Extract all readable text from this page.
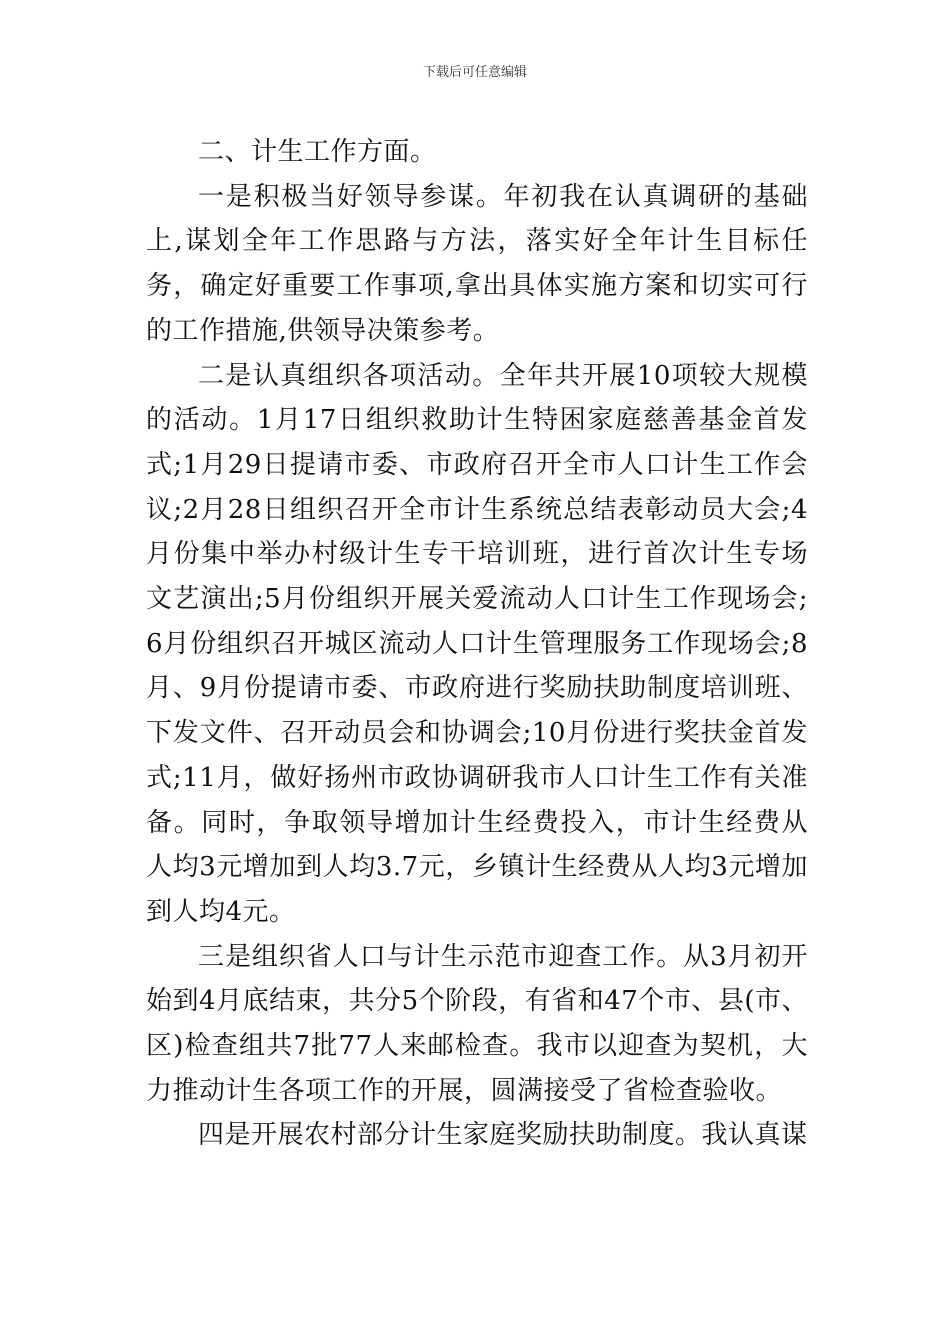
下载后可任意编辑

二、计生工作方面。

一是积极当好领导参谋。年初我在认真调研的基础上,谋划全年工作思路与方法，落实好全年计生目标任务，确定好重要工作事项,拿出具体实施方案和切实可行的工作措施,供领导决策参考。

二是认真组织各项活动。全年共开展10项较大规模的活动。1月17日组织救助计生特困家庭慈善基金首发式;1月29日提请市委、市政府召开全市人口计生工作会议;2月28日组织召开全市计生系统总结表彰动员大会;4月份集中举办村级计生专干培训班，进行首次计生专场文艺演出;5月份组织开展关爱流动人口计生工作现场会;6月份组织召开城区流动人口计生管理服务工作现场会;8月、9月份提请市委、市政府进行奖励扶助制度培训班、下发文件、召开动员会和协调会;10月份进行奖扶金首发式;11月，做好扬州市政协调研我市人口计生工作有关准备。同时，争取领导增加计生经费投入，市计生经费从人均3元增加到人均3.7元，乡镇计生经费从人均3元增加到人均4元。

三是组织省人口与计生示范市迎查工作。从3月初开始到4月底结束，共分5个阶段，有省和47个市、县(市、区)检查组共7批77人来邮检查。我市以迎查为契机，大力推动计生各项工作的开展，圆满接受了省检查验收。

四是开展农村部分计生家庭奖励扶助制度。我认真谋
